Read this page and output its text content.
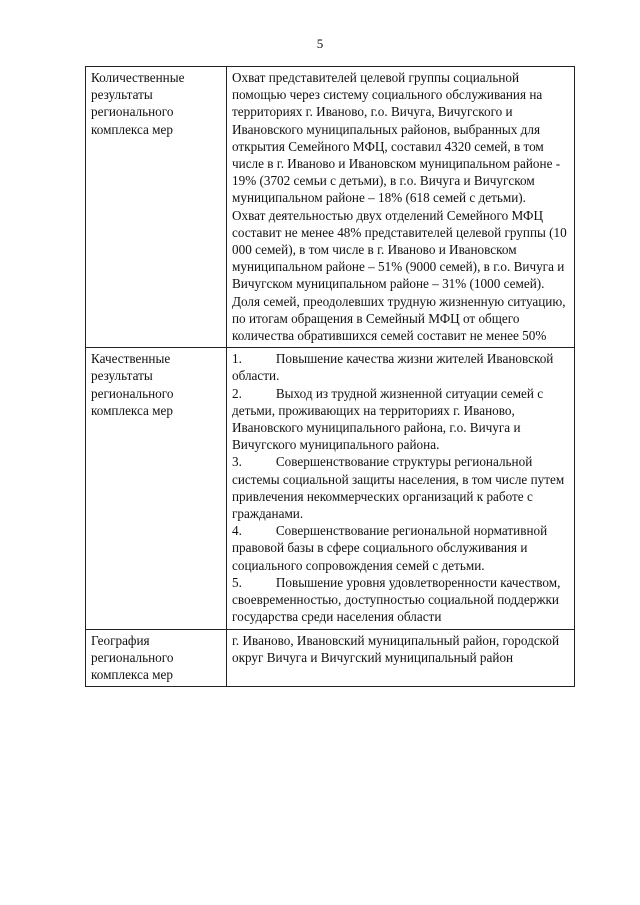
5
Количественные результаты регионального комплекса мер	Охват представителей целевой группы социальной помощью через систему социального обслуживания на территориях г. Иваново, г.о. Вичуга, Вичугского и Ивановского муниципальных районов, выбранных для открытия Семейного МФЦ, составил 4320 семей, в том числе в г. Иваново и Ивановском муниципальном районе - 19% (3702 семьи с детьми), в г.о. Вичуга и Вичугском муниципальном районе – 18% (618 семей с детьми).

Охват деятельностью двух отделений Семейного МФЦ составит не менее 48% представителей целевой группы (10 000 семей), в том числе в г. Иваново и Ивановском муниципальном районе – 51% (9000 семей), в г.о. Вичуга и Вичугском муниципальном районе – 31% (1000 семей).

Доля семей, преодолевших трудную жизненную ситуацию, по итогам обращения в Семейный МФЦ от общего количества обратившихся семей составит не менее 50%

Качественные результаты регионального комплекса мер	1. Повышение качества жизни жителей Ивановской области.

2. Выход из трудной жизненной ситуации семей с детьми, проживающих на территориях г. Иваново, Ивановского муниципального района, г.о. Вичуга и Вичугского муниципального района.

3. Совершенствование структуры региональной системы социальной защиты населения, в том числе путем привлечения некоммерческих организаций к работе с гражданами.

4. Совершенствование региональной нормативной правовой базы в сфере социального обслуживания и социального сопровождения семей с детьми.

5. Повышение уровня удовлетворенности качеством, своевременностью, доступностью социальной поддержки государства среди населения области

География регионального комплекса мер	г. Иваново, Ивановский муниципальный район, городской округ Вичуга и Вичугский муниципальный район
